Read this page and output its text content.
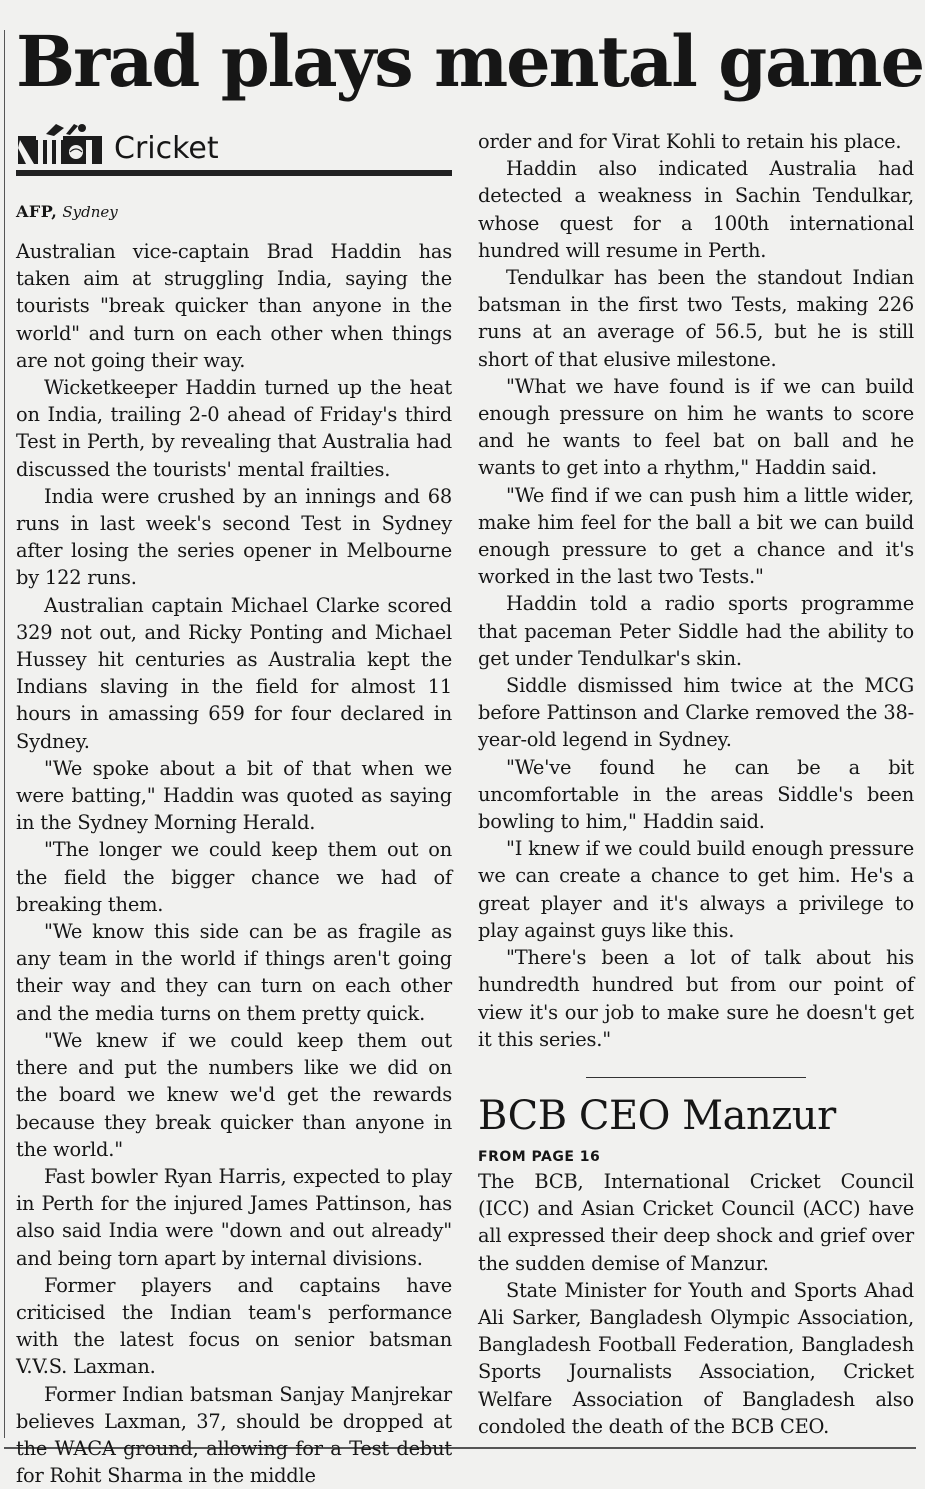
Brad plays mental game
Cricket
AFP, Sydney

Australian vice-captain Brad Haddin has taken aim at struggling India, saying the tourists "break quicker than anyone in the world" and turn on each other when things are not going their way.

Wicketkeeper Haddin turned up the heat on India, trailing 2-0 ahead of Friday's third Test in Perth, by revealing that Australia had discussed the tourists' mental frailties.

India were crushed by an innings and 68 runs in last week's second Test in Sydney after losing the series opener in Melbourne by 122 runs.

Australian captain Michael Clarke scored 329 not out, and Ricky Ponting and Michael Hussey hit centuries as Australia kept the Indians slaving in the field for almost 11 hours in amassing 659 for four declared in Sydney.

"We spoke about a bit of that when we were batting," Haddin was quoted as saying in the Sydney Morning Herald.

"The longer we could keep them out on the field the bigger chance we had of breaking them.

"We know this side can be as fragile as any team in the world if things aren't going their way and they can turn on each other and the media turns on them pretty quick.

"We knew if we could keep them out there and put the numbers like we did on the board we knew we'd get the rewards because they break quicker than anyone in the world."

Fast bowler Ryan Harris, expected to play in Perth for the injured James Pattinson, has also said India were "down and out already" and being torn apart by internal divisions.

Former players and captains have criticised the Indian team's performance with the latest focus on senior batsman V.V.S. Laxman.

Former Indian batsman Sanjay Manjrekar believes Laxman, 37, should be dropped at the WACA ground, allowing for a Test debut for Rohit Sharma in the middle

order and for Virat Kohli to retain his place.

Haddin also indicated Australia had detected a weakness in Sachin Tendulkar, whose quest for a 100th international hundred will resume in Perth.

Tendulkar has been the standout Indian batsman in the first two Tests, making 226 runs at an average of 56.5, but he is still short of that elusive milestone.

"What we have found is if we can build enough pressure on him he wants to score and he wants to feel bat on ball and he wants to get into a rhythm," Haddin said.

"We find if we can push him a little wider, make him feel for the ball a bit we can build enough pressure to get a chance and it's worked in the last two Tests."

Haddin told a radio sports programme that paceman Peter Siddle had the ability to get under Tendulkar's skin.

Siddle dismissed him twice at the MCG before Pattinson and Clarke removed the 38-year-old legend in Sydney.

"We've found he can be a bit uncomfortable in the areas Siddle's been bowling to him," Haddin said.

"I knew if we could build enough pressure we can create a chance to get him. He's a great player and it's always a privilege to play against guys like this.

"There's been a lot of talk about his hundredth hundred but from our point of view it's our job to make sure he doesn't get it this series."

BCB CEO Manzur
FROM PAGE 16

The BCB, International Cricket Council (ICC) and Asian Cricket Council (ACC) have all expressed their deep shock and grief over the sudden demise of Manzur.

State Minister for Youth and Sports Ahad Ali Sarker, Bangladesh Olympic Association, Bangladesh Football Federation, Bangladesh Sports Journalists Association, Cricket Welfare Association of Bangladesh also condoled the death of the BCB CEO.
